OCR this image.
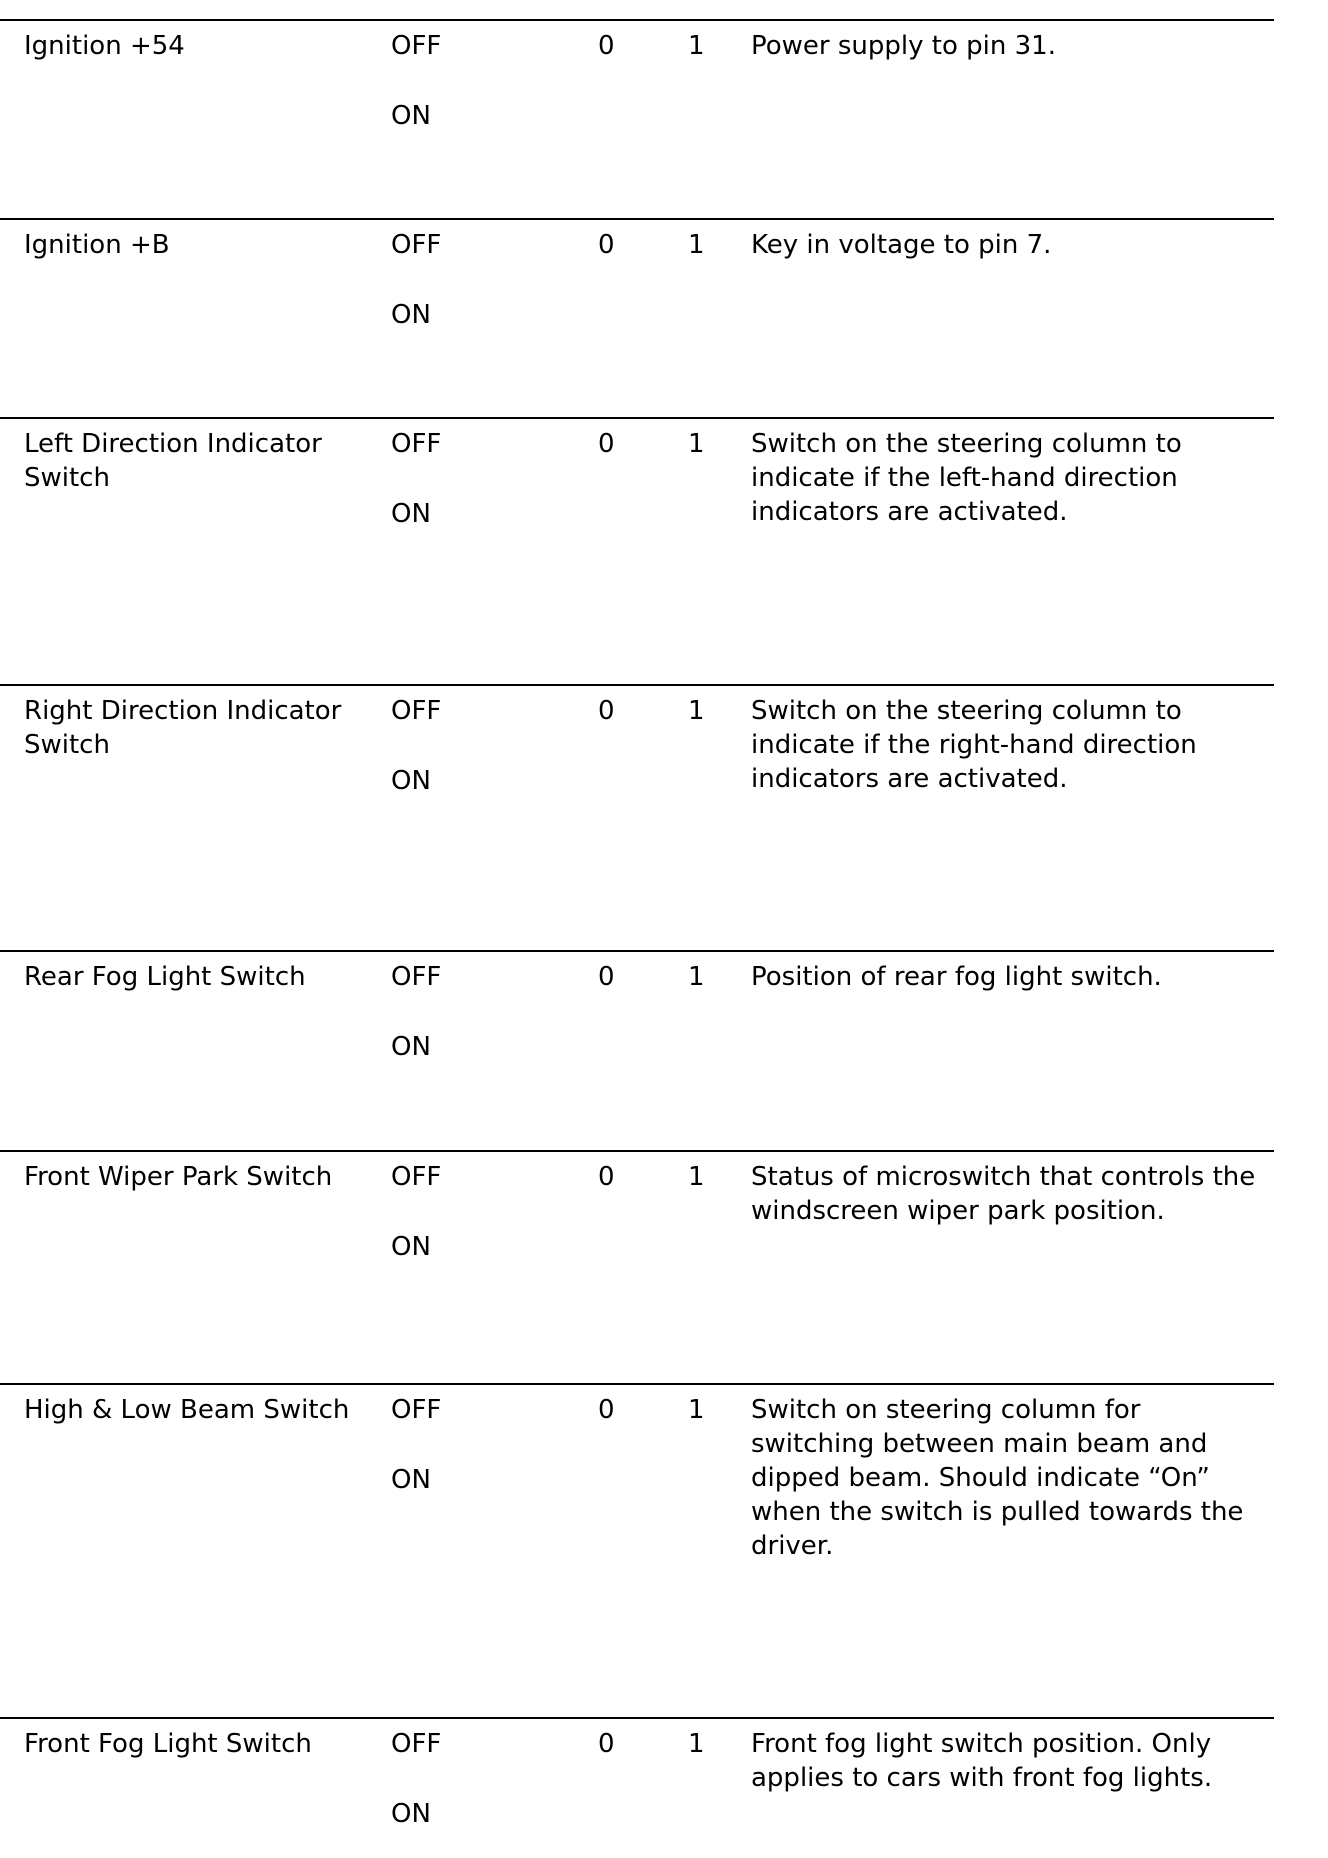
Ignition +54	OFF
ON
0	1 Power supply to pin 31.
Ignition +B	OFF
ON
0	1 Key in voltage to pin 7.
Left Direction Indicator Switch
OFF
ON
0	1 Switch on the steering column to indicate if the left-hand direction indicators are activated.
Right Direction Indicator Switch
OFF
ON
0	1 Switch on the steering column to indicate if the right-hand direction indicators are activated.
Rear Fog Light Switch	OFF
ON
0	1 Position of rear fog light switch.
Front Wiper Park Switch	OFF
ON
0	1 Status of microswitch that controls the windscreen wiper park position.
High & Low Beam Switch	OFF
ON
0	1 Switch on steering column for switching between main beam and dipped beam. Should indicate “On” when the switch is pulled towards the driver.
Front Fog Light Switch	OFF
ON
0	1 Front fog light switch position. Only applies to cars with front fog lights.
